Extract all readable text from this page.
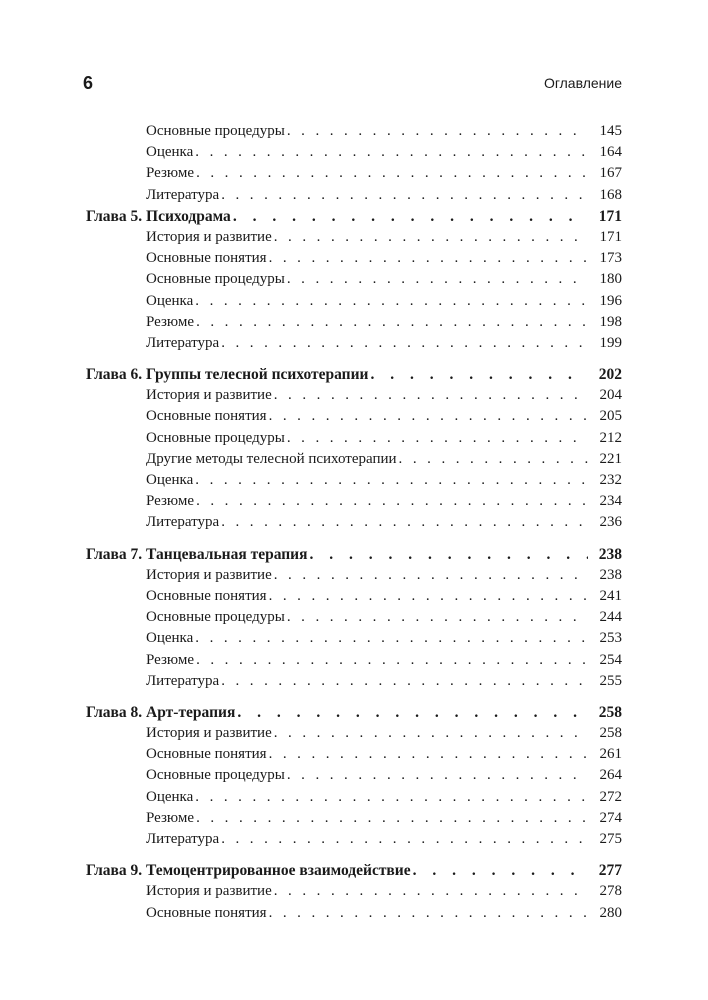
6	Оглавление
Основные процедуры . . .	145
Оценка . . .	164
Резюме . . .	167
Литература . . .	168
Глава 5. Психодрама . . .	171
История и развитие . . .	171
Основные понятия . . .	173
Основные процедуры . . .	180
Оценка . . .	196
Резюме . . .	198
Литература . . .	199
Глава 6. Группы телесной психотерапии . . .	202
История и развитие . . .	204
Основные понятия . . .	205
Основные процедуры . . .	212
Другие методы телесной психотерапии . . .	221
Оценка . . .	232
Резюме . . .	234
Литература . . .	236
Глава 7. Танцевальная терапия . . .	238
История и развитие . . .	238
Основные понятия . . .	241
Основные процедуры . . .	244
Оценка . . .	253
Резюме . . .	254
Литература . . .	255
Глава 8. Арт-терапия . . .	258
История и развитие . . .	258
Основные понятия . . .	261
Основные процедуры . . .	264
Оценка . . .	272
Резюме . . .	274
Литература . . .	275
Глава 9. Темоцентрированное взаимодействие . . .	277
История и развитие . . .	278
Основные понятия . . .	280
